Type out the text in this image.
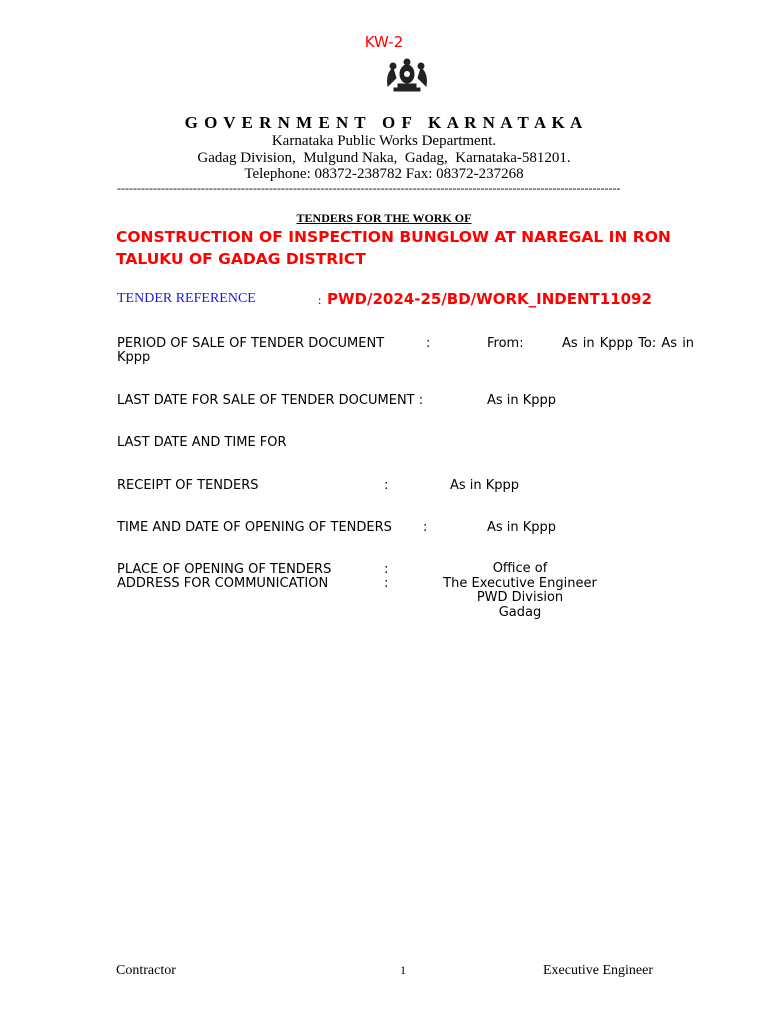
KW-2
G O V E R N M E N T   O F   K A R N A T A K A
Karnataka Public Works Department.
Gadag Division,  Mulgund Naka,  Gadag,  Karnataka-581201.
Telephone: 08372-238782 Fax: 08372-237268
------------------------------------------------------------------------------------------------------------------------------
TENDERS FOR THE WORK OF
CONSTRUCTION OF INSPECTION BUNGLOW AT NAREGAL IN RON TALUKU OF GADAG DISTRICT
TENDER REFERENCE	: PWD/2024-25/BD/WORK_INDENT11092
PERIOD OF SALE OF TENDER DOCUMENT	:	From:	As in Kppp To: As in
Kppp
LAST DATE FOR SALE OF TENDER DOCUMENT :	As in Kppp
LAST DATE AND TIME FOR
RECEIPT OF TENDERS	:	As in Kppp
TIME AND DATE OF OPENING OF TENDERS :	As in Kppp
PLACE OF OPENING OF TENDERS	:
ADDRESS FOR COMMUNICATION	:
Office of
The Executive Engineer
PWD Division
Gadag
Contractor	1	Executive Engineer
